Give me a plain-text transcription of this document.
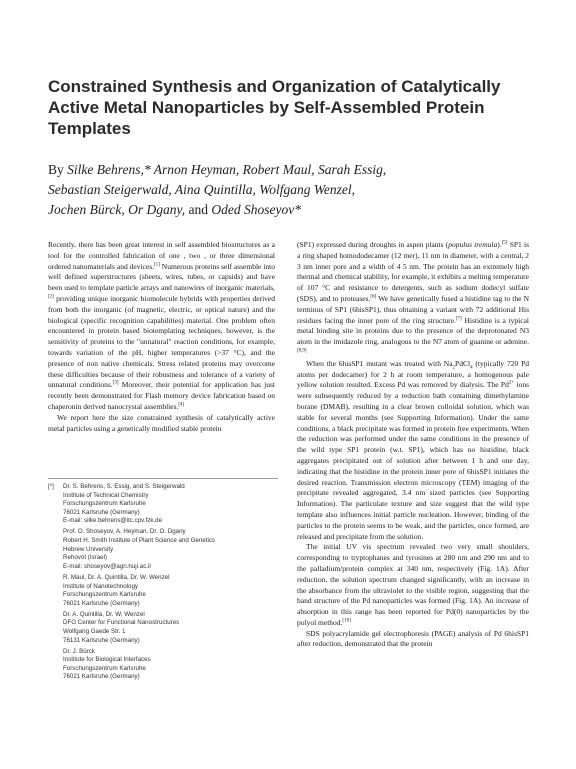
Constrained Synthesis and Organization of Catalytically Active Metal Nanoparticles by Self-Assembled Protein Templates
By Silke Behrens,* Arnon Heyman, Robert Maul, Sarah Essig,
Sebastian Steigerwald, Aina Quintilla, Wolfgang Wenzel,
Jochen Bürck, Or Dgany, and Oded Shoseyov*

Recently, there has been great interest in self assembled biostructures as a tool for the controlled fabrication of one , two , or three dimensional ordered nanomaterials and devices.[1] Numerous proteins self assemble into well defined superstructures (sheets, wires, tubes, or capsids) and have been used to template particle arrays and nanowires of inorganic materials,[2] providing unique inorganic biomolecule hybrids with properties derived from both the inorganic (of magnetic, electric, or optical nature) and the biological (specific recognition capabilities) material. One problem often encountered in protein based biotemplating techniques, however, is the sensitivity of proteins to the "unnatural" reaction conditions, for example, towards variation of the pH, higher temperatures (>37 °C), and the presence of non native chemicals. Stress related proteins may overcome these difficulties because of their robustness and tolerance of a variety of unnatural conditions.[3] Moreover, their potential for application has just recently been demonstrated for Flash memory device fabrication based on chaperonin derived nanocrystal assemblies.[4]

We report here the size constrained synthesis of catalytically active metal particles using a genetically modified stable protein

(SP1) expressed during droughts in aspen plants (populus tremula).[5] SP1 is a ring shaped homododecamer (12 mer), 11 nm in diameter, with a central, 2 3 nm inner pore and a width of 4 5 nm. The protein has an extremely high thermal and chemical stability, for example, it exhibits a melting temperature of 107 °C and resistance to detergents, such as sodium dodecyl sulfate (SDS), and to proteases.[6] We have genetically fused a histidine tag to the N terminus of SP1 (6hisSP1), thus obtaining a variant with 72 additional His residues facing the inner pore of the ring structure.[7] Histidine is a typical metal binding site in proteins due to the presence of the deprotonated N3 atom in the imidazole ring, analogous to the N7 atom of guanine or adenine.[8,9]

When the 6hisSP1 mutant was treated with $Na_2PdCl_4$ (typically 720 Pd atoms per dodecamer) for 2 h at room temperature, a homogenous pale yellow solution resulted. Excess Pd was removed by dialysis. The $Pd^{2+}$ ions were subsequently reduced by a reduction bath containing dimethylamine borane (DMAB), resulting in a clear brown colloidal solution, which was stable for several months (see Supporting Information). Under the same conditions, a black precipitate was formed in protein free experiments. When the reduction was performed under the same conditions in the presence of the wild type SP1 protein (w.t. SP1), which has no histidine, black aggregates precipitated out of solution after between 1 h and one day, indicating that the histidine in the protein inner pore of 6hisSP1 initiates the desired reaction. Transmission electron microscopy (TEM) imaging of the precipitate revealed aggregated, 3.4 nm sized particles (see Supporting Information). The particulate texture and size suggest that the wild type template also influences initial particle nucleation. However, binding of the particles to the protein seems to be weak, and the particles, once formed, are released and precipitate from the solution.

The initial UV vis spectrum revealed two very small shoulders, corresponding to tryptophanes and tyrosines at 280 nm and 290 nm and to the palladium/protein complex at 340 nm, respectively (Fig. 1A). After reduction, the solution spectrum changed significantly, with an increase in the absorbance from the ultraviolet to the visible region, suggesting that the band structure of the Pd nanoparticles was formed (Fig. 1A). An increase of absorption in this range has been reported for Pd(0) nanoparticles by the polyol method.[10]

SDS polyacrylamide gel electrophoresis (PAGE) analysis of Pd 6hisSP1 after reduction, demonstrated that the protein

[*] Dr. S. Behrens, S. Essig, and S. Steigerwald
Institute of Technical Chemistry
Forschungszentrum Karlsruhe
76021 Karlsruhe (Germany)
E-mail: silke.behrens@itc.cpv.fzk.de
Prof. O. Shoseyov, A. Heyman, Dr. O. Dgany
Robert H. Smith Institute of Plant Science and Genetics
Hebrew University
Rehovot (Israel)
E-mail: shoseyov@agri.huji.ac.il
R. Maul, Dr. A. Quintilla, Dr. W. Wenzel
Institute of Nanotechnology
Forschungszentrum Karlsruhe
76021 Karlsruhe (Germany)
Dr. A. Quintilla, Dr. W. Wenzel
DFG Center for Functional Nanostructures
Wolfgang Gaede Str. 1
76131 Karlsruhe (Germany)
Dr. J. Bürck
Institute for Biological Interfaces
Forschungszentrum Karlsruhe
76021 Karlsruhe (Germany)
